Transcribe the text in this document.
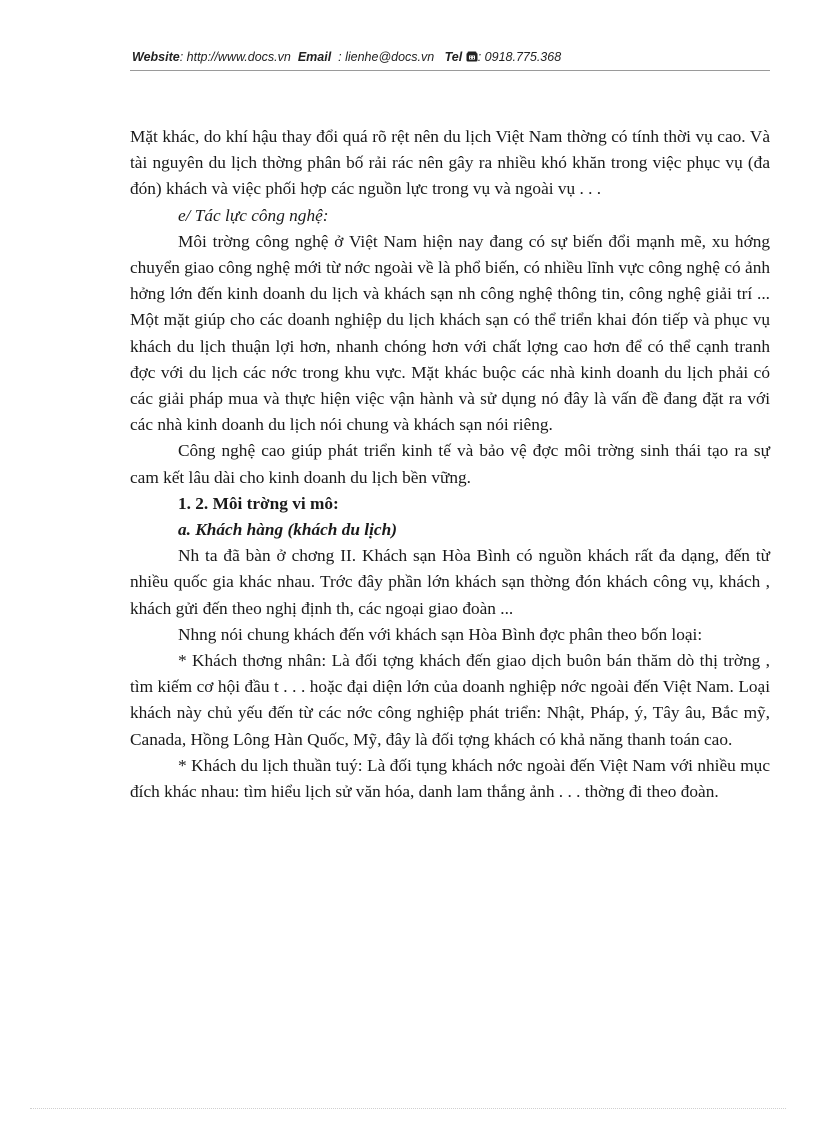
Website: http://www.docs.vn Email : lienhe@docs.vn Tel : 0918.775.368

Mặt khác, do khí hậu thay đổi quá rõ rệt nên du lịch Việt Nam thờng có tính thời vụ cao. Và tài nguyên du lịch thờng phân bố rải rác nên gây ra nhiều khó khăn trong việc phục vụ (đa đón) khách và việc phối hợp các nguồn lực trong vụ và ngoài vụ . . .

e/ Tác lực công nghệ:

Môi trờng công nghệ ở Việt Nam hiện nay đang có sự biến đổi mạnh mẽ, xu hớng chuyển giao công nghệ mới từ nớc ngoài về là phổ biến, có nhiều lĩnh vực công nghệ có ảnh hởng lớn đến kinh doanh du lịch và khách sạn nh công nghệ thông tin, công nghệ giải trí ... Một mặt giúp cho các doanh nghiệp du lịch khách sạn có thể triển khai đón tiếp và phục vụ khách du lịch thuận lợi hơn, nhanh chóng hơn với chất lợng cao hơn để có thể cạnh tranh đợc với du lịch các nớc trong khu vực. Mặt khác buộc các nhà kinh doanh du lịch phải có các giải pháp mua và thực hiện việc vận hành và sử dụng nó đây là vấn đề đang đặt ra với các nhà kinh doanh du lịch nói chung và khách sạn nói riêng.

Công nghệ cao giúp phát triển kinh tế và bảo vệ đợc môi trờng sinh thái tạo ra sự cam kết lâu dài cho kinh doanh du lịch bền vững.

1. 2. Môi trờng vi mô:

a. Khách hàng (khách du lịch)

Nh ta đã bàn ở chơng II. Khách sạn Hòa Bình có nguồn khách rất đa dạng, đến từ nhiều quốc gia khác nhau. Trớc đây phần lớn khách sạn thờng đón khách công vụ, khách , khách gửi đến theo nghị định th, các ngoại giao đoàn ...

Nhng nói chung khách đến với khách sạn Hòa Bình đợc phân theo bốn loại:

* Khách thơng nhân: Là đối tợng khách đến giao dịch buôn bán thăm dò thị trờng , tìm kiếm cơ hội đầu t . . . hoặc đại diện lớn của doanh nghiệp nớc ngoài đến Việt Nam. Loại khách này chủ yếu đến từ các nớc công nghiệp phát triển: Nhật, Pháp, ý, Tây âu, Bắc mỹ, Canada, Hồng Lông Hàn Quốc, Mỹ, đây là đối tợng khách có khả năng thanh toán cao.

* Khách du lịch thuần tuý: Là đối tụng khách nớc ngoài đến Việt Nam với nhiều mục đích khác nhau: tìm hiểu lịch sử văn hóa, danh lam thắng ảnh . . . thờng đi theo đoàn.
